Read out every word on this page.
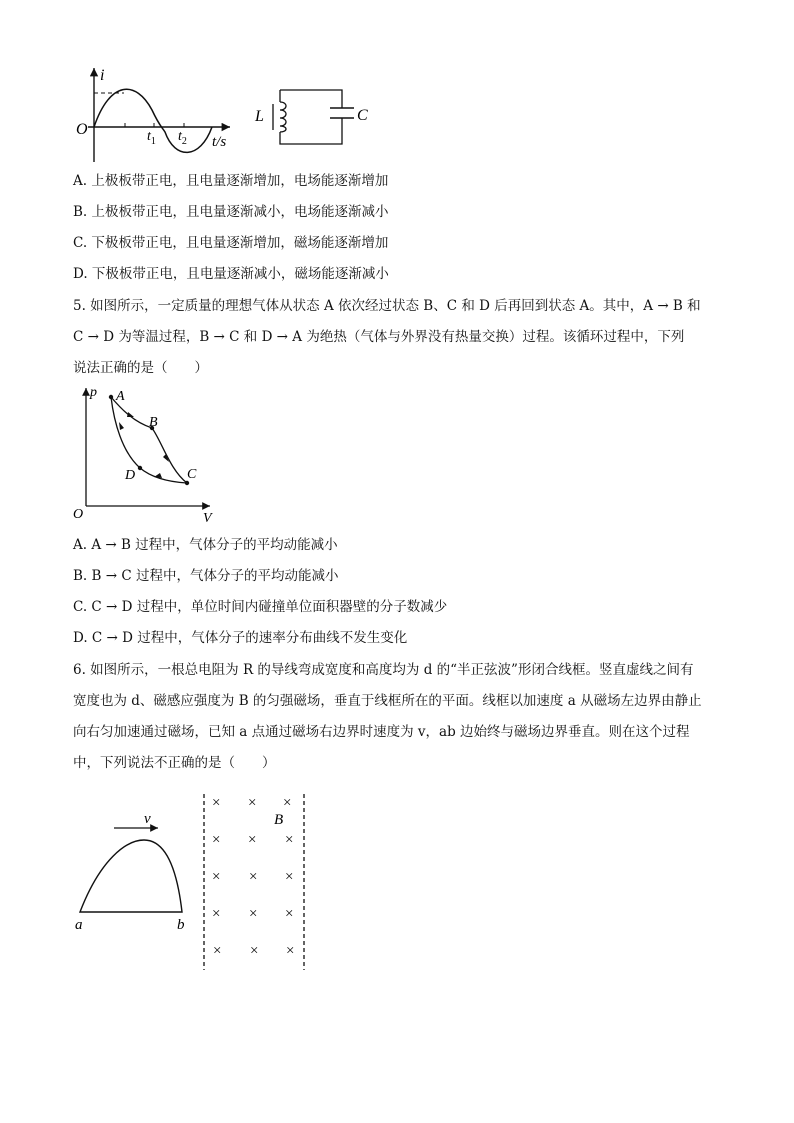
i
O
t/s
$t_1$ $t_2$
L	C
A. 上极板带正电，且电量逐渐增加，电场能逐渐增加
B. 上极板带正电，且电量逐渐减小，电场能逐渐减小
C. 下极板带正电，且电量逐渐增加，磁场能逐渐增加
D. 下极板带正电，且电量逐渐减小，磁场能逐渐减小
5. 如图所示，一定质量的理想气体从状态 A 依次经过状态 B、C 和 D 后再回到状态 A。其中，A → B 和
C → D 为等温过程，B → C 和 D → A 为绝热（气体与外界没有热量交换）过程。该循环过程中，下列
说法正确的是（　　）
p A
B
C
D
O	V
A. A → B 过程中，气体分子的平均动能减小
B. B → C 过程中，气体分子的平均动能减小
C. C → D 过程中，单位时间内碰撞单位面积器壁的分子数减少
D. C → D 过程中，气体分子的速率分布曲线不发生变化
6. 如图所示，一根总电阻为 R 的导线弯成宽度和高度均为 d 的“半正弦波”形闭合线框。竖直虚线之间有
宽度也为 d、磁感应强度为 B 的匀强磁场，垂直于线框所在的平面。线框以加速度 a 从磁场左边界由静止
向右匀加速通过磁场，已知 a 点通过磁场右边界时速度为 v，ab 边始终与磁场边界垂直。则在这个过程
中，下列说法不正确的是（　　）
v
a	b
B
× × ×
× × ×
× × ×
× × ×
× × ×
